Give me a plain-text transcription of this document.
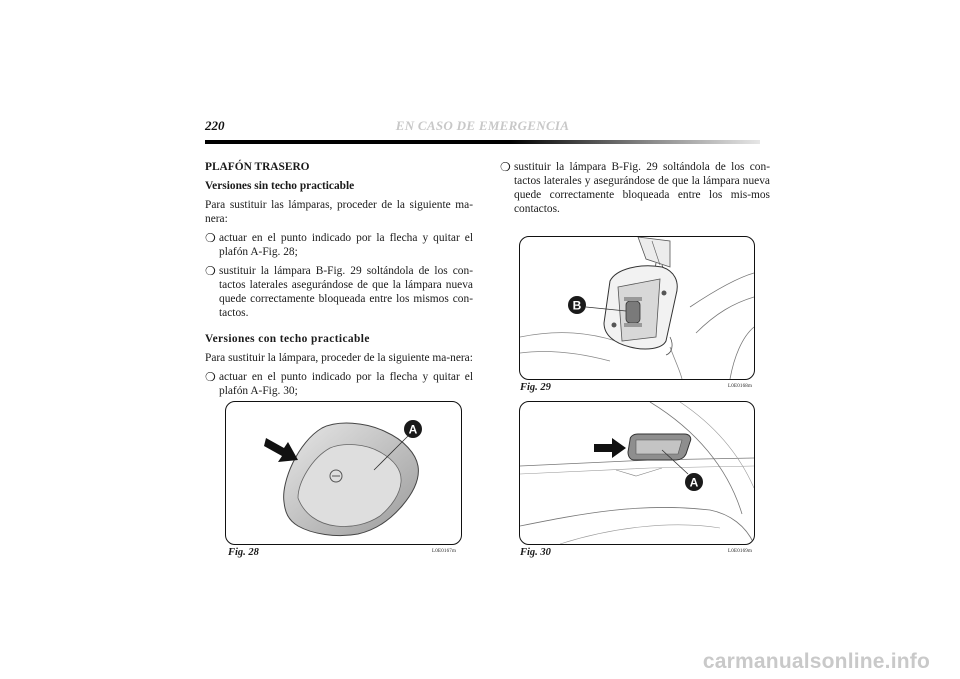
220	EN CASO DE EMERGENCIA
PLAFÓN TRASERO
Versiones sin techo practicable
Para sustituir las lámparas, proceder de la siguiente ma-nera:
❍ actuar en el punto indicado por la flecha y quitar el plafón A-Fig. 28;
❍ sustituir la lámpara B-Fig. 29 soltándola de los con-tactos laterales asegurándose de que la lámpara nueva quede correctamente bloqueada entre los mismos con-tactos.
Versiones con techo practicable
Para sustituir la lámpara, proceder de la siguiente ma-nera:
❍ actuar en el punto indicado por la flecha y quitar el plafón A-Fig. 30;
❍ sustituir la lámpara B-Fig. 29 soltándola de los con-tactos laterales y asegurándose de que la lámpara nueva quede correctamente bloqueada entre los mis-mos contactos.
A
Fig. 28	L0E0167m
B
Fig. 29	L0E0168m
A
Fig. 30	L0E0169m
carmanualsonline.info
